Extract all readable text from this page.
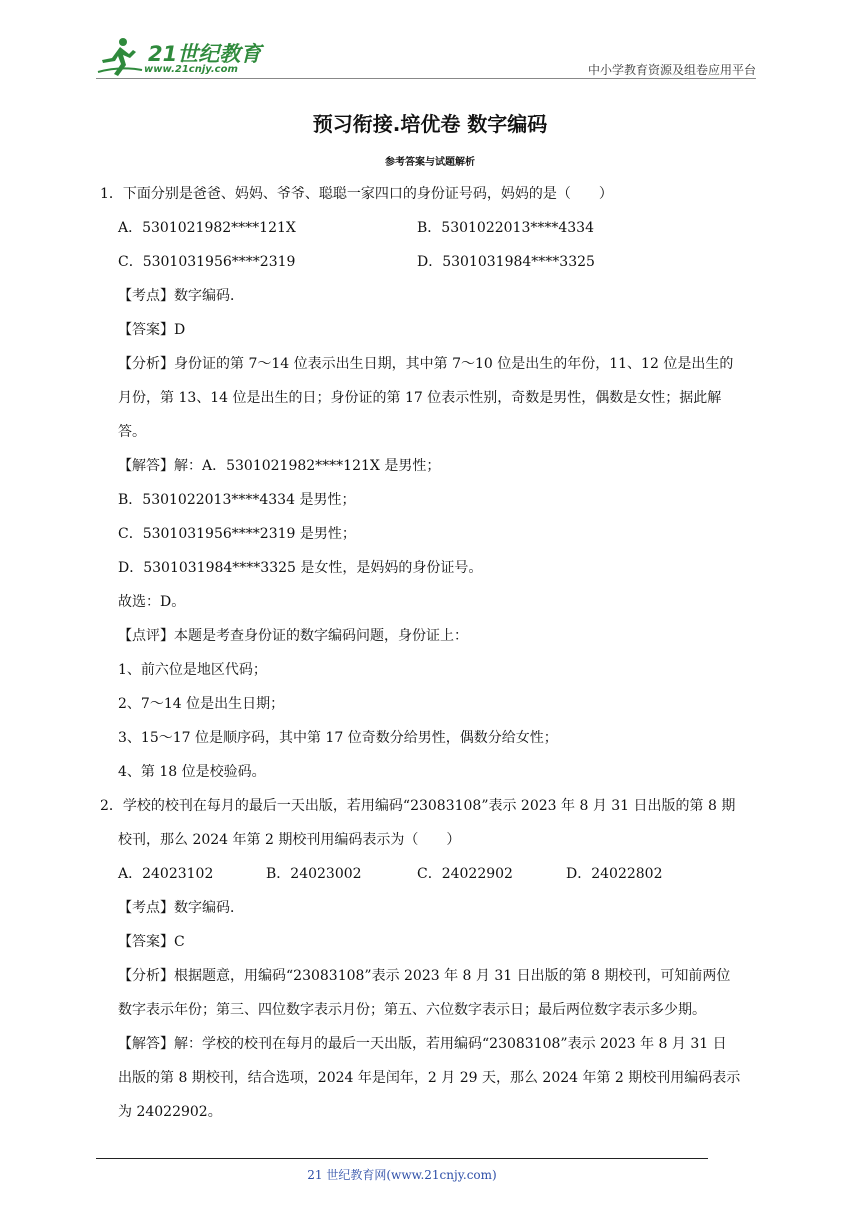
21世纪教育
www.21cnjy.com	中小学教育资源及组卷应用平台
预习衔接.培优卷 数字编码
参考答案与试题解析
1．下面分别是爸爸、妈妈、爷爷、聪聪一家四口的身份证号码，妈妈的是（　　）
A．5301021982****121X	B．5301022013****4334
C．5301031956****2319	D．5301031984****3325
【考点】数字编码．
【答案】D
【分析】身份证的第 7～14 位表示出生日期，其中第 7～10 位是出生的年份，11、12 位是出生的
月份，第 13、14 位是出生的日；身份证的第 17 位表示性别，奇数是男性，偶数是女性；据此解
答。
【解答】解：A．5301021982****121X 是男性；
B．5301022013****4334 是男性；
C．5301031956****2319 是男性；
D．5301031984****3325 是女性，是妈妈的身份证号。
故选：D。
【点评】本题是考查身份证的数字编码问题，身份证上：
1、前六位是地区代码；
2、7～14 位是出生日期；
3、15～17 位是顺序码，其中第 17 位奇数分给男性，偶数分给女性；
4、第 18 位是校验码。
2．学校的校刊在每月的最后一天出版，若用编码“23083108”表示 2023 年 8 月 31 日出版的第 8 期
校刊，那么 2024 年第 2 期校刊用编码表示为（　　）
A．24023102	B．24023002	C．24022902	D．24022802
【考点】数字编码．
【答案】C
【分析】根据题意，用编码“23083108”表示 2023 年 8 月 31 日出版的第 8 期校刊，可知前两位
数字表示年份；第三、四位数字表示月份；第五、六位数字表示日；最后两位数字表示多少期。
【解答】解：学校的校刊在每月的最后一天出版，若用编码“23083108”表示 2023 年 8 月 31 日
出版的第 8 期校刊，结合选项，2024 年是闰年，2 月 29 天，那么 2024 年第 2 期校刊用编码表示
为 24022902。
21 世纪教育网(www.21cnjy.com)
